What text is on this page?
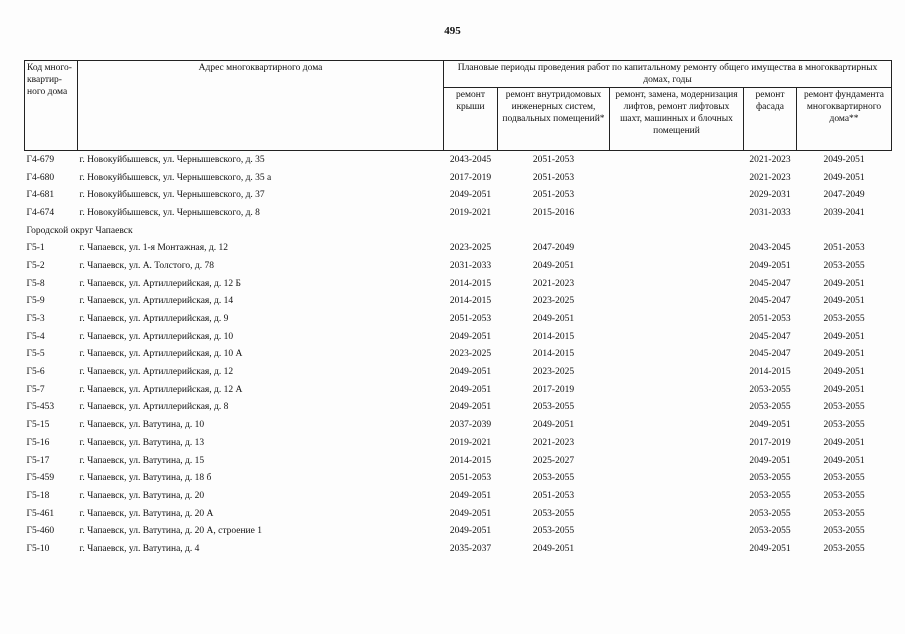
495
Код много-квартир-ного дома	Адрес многоквартирного дома	Плановые периоды проведения работ по капитальному ремонту общего имущества в многоквартирных домах, годы				
		ремонт крыши	ремонт внутридомовых инженерных систем, подвальных помещений*	ремонт, замена, модернизация лифтов, ремонт лифтовых шахт, машинных и блочных помещений	ремонт фасада	ремонт фундамента многоквартирного дома**
Г4-679	г. Новокуйбышевск, ул. Чернышевского, д. 35	2043-2045	2051-2053		2021-2023	2049-2051
Г4-680	г. Новокуйбышевск, ул. Чернышевского, д. 35 а	2017-2019	2051-2053		2021-2023	2049-2051
Г4-681	г. Новокуйбышевск, ул. Чернышевского, д. 37	2049-2051	2051-2053		2029-2031	2047-2049
Г4-674	г. Новокуйбышевск, ул. Чернышевского, д. 8	2019-2021	2015-2016		2031-2033	2039-2041
Городской округ Чапаевск						
Г5-1	г. Чапаевск, ул. 1-я Монтажная, д. 12	2023-2025	2047-2049		2043-2045	2051-2053
Г5-2	г. Чапаевск, ул. А. Толстого, д. 78	2031-2033	2049-2051		2049-2051	2053-2055
Г5-8	г. Чапаевск, ул. Артиллерийская, д. 12 Б	2014-2015	2021-2023		2045-2047	2049-2051
Г5-9	г. Чапаевск, ул. Артиллерийская, д. 14	2014-2015	2023-2025		2045-2047	2049-2051
Г5-3	г. Чапаевск, ул. Артиллерийская, д. 9	2051-2053	2049-2051		2051-2053	2053-2055
Г5-4	г. Чапаевск, ул. Артиллерийская, д. 10	2049-2051	2014-2015		2045-2047	2049-2051
Г5-5	г. Чапаевск, ул. Артиллерийская, д. 10 А	2023-2025	2014-2015		2045-2047	2049-2051
Г5-6	г. Чапаевск, ул. Артиллерийская, д. 12	2049-2051	2023-2025		2014-2015	2049-2051
Г5-7	г. Чапаевск, ул. Артиллерийская, д. 12 А	2049-2051	2017-2019		2053-2055	2049-2051
Г5-453	г. Чапаевск, ул. Артиллерийская, д. 8	2049-2051	2053-2055		2053-2055	2053-2055
Г5-15	г. Чапаевск, ул. Ватутина, д. 10	2037-2039	2049-2051		2049-2051	2053-2055
Г5-16	г. Чапаевск, ул. Ватутина, д. 13	2019-2021	2021-2023		2017-2019	2049-2051
Г5-17	г. Чапаевск, ул. Ватутина, д. 15	2014-2015	2025-2027		2049-2051	2049-2051
Г5-459	г. Чапаевск, ул. Ватутина, д. 18 б	2051-2053	2053-2055		2053-2055	2053-2055
Г5-18	г. Чапаевск, ул. Ватутина, д. 20	2049-2051	2051-2053		2053-2055	2053-2055
Г5-461	г. Чапаевск, ул. Ватутина, д. 20 А	2049-2051	2053-2055		2053-2055	2053-2055
Г5-460	г. Чапаевск, ул. Ватутина, д. 20 А, строение 1	2049-2051	2053-2055		2053-2055	2053-2055
Г5-10	г. Чапаевск, ул. Ватутина, д. 4	2035-2037	2049-2051		2049-2051	2053-2055
